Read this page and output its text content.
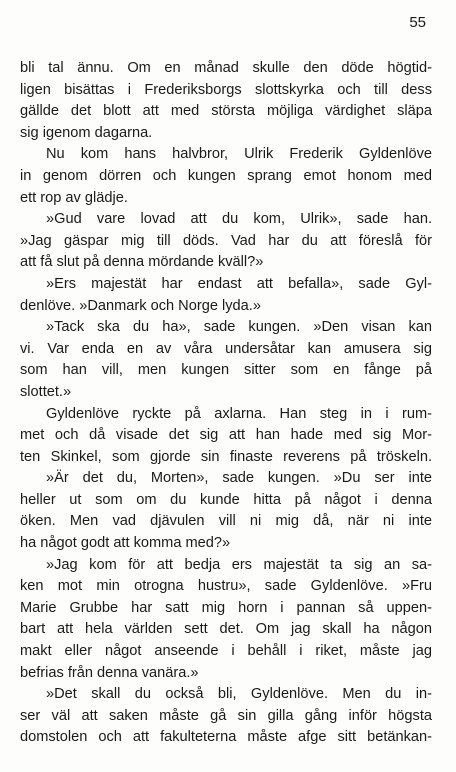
55
bli tal ännu. Om en månad skulle den döde högtid-
ligen bisättas i Frederiksborgs slottskyrka och till dess
gällde det blott att med största möjliga värdighet släpa
sig igenom dagarna.
Nu kom hans halvbror, Ulrik Frederik Gyldenlöve
in genom dörren och kungen sprang emot honom med
ett rop av glädje.
»Gud vare lovad att du kom, Ulrik», sade han.
»Jag gäspar mig till döds. Vad har du att föreslå för
att få slut på denna mördande kväll?»
»Ers majestät har endast att befalla», sade Gyl-
denlöve. »Danmark och Norge lyda.»
»Tack ska du ha», sade kungen. »Den visan kan
vi. Var enda en av våra undersåtar kan amusera sig
som han vill, men kungen sitter som en fånge på
slottet.»
Gyldenlöve ryckte på axlarna. Han steg in i rum-
met och då visade det sig att han hade med sig Mor-
ten Skinkel, som gjorde sin finaste reverens på tröskeln.
»Är det du, Morten», sade kungen. »Du ser inte
heller ut som om du kunde hitta på något i denna
öken. Men vad djävulen vill ni mig då, när ni inte
ha något godt att komma med?»
»Jag kom för att bedja ers majestät ta sig an sa-
ken mot min otrogna hustru», sade Gyldenlöve. »Fru
Marie Grubbe har satt mig horn i pannan så uppen-
bart att hela världen sett det. Om jag skall ha någon
makt eller något anseende i behåll i riket, måste jag
befrias från denna vanära.»
»Det skall du också bli, Gyldenlöve. Men du in-
ser väl att saken måste gå sin gilla gång inför högsta
domstolen och att fakulteterna måste afge sitt betänkan-
